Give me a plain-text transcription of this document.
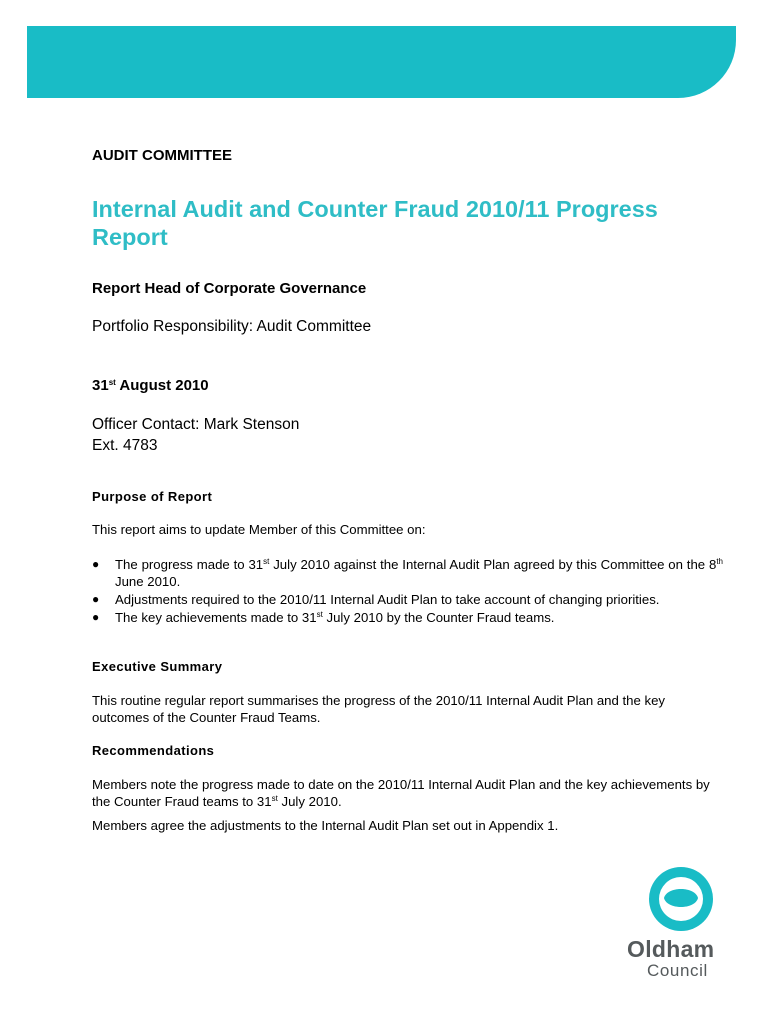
AUDIT COMMITTEE
Internal Audit and Counter Fraud 2010/11 Progress Report
Report Head of Corporate Governance
Portfolio Responsibility: Audit Committee
31st August 2010
Officer Contact: Mark Stenson
Ext. 4783
Purpose of Report
This report aims to update Member of this Committee on:
● The progress made to 31st July 2010 against the Internal Audit Plan agreed by this Committee on the 8th June 2010.
● Adjustments required to the 2010/11 Internal Audit Plan to take account of changing priorities.
● The key achievements made to 31st July 2010 by the Counter Fraud teams.
Executive Summary
This routine regular report summarises the progress of the 2010/11 Internal Audit Plan and the key outcomes of the Counter Fraud Teams.
Recommendations
Members note the progress made to date on the 2010/11 Internal Audit Plan and the key achievements by the Counter Fraud teams to 31st July 2010.
Members agree the adjustments to the Internal Audit Plan set out in Appendix 1.
Oldham
Council
